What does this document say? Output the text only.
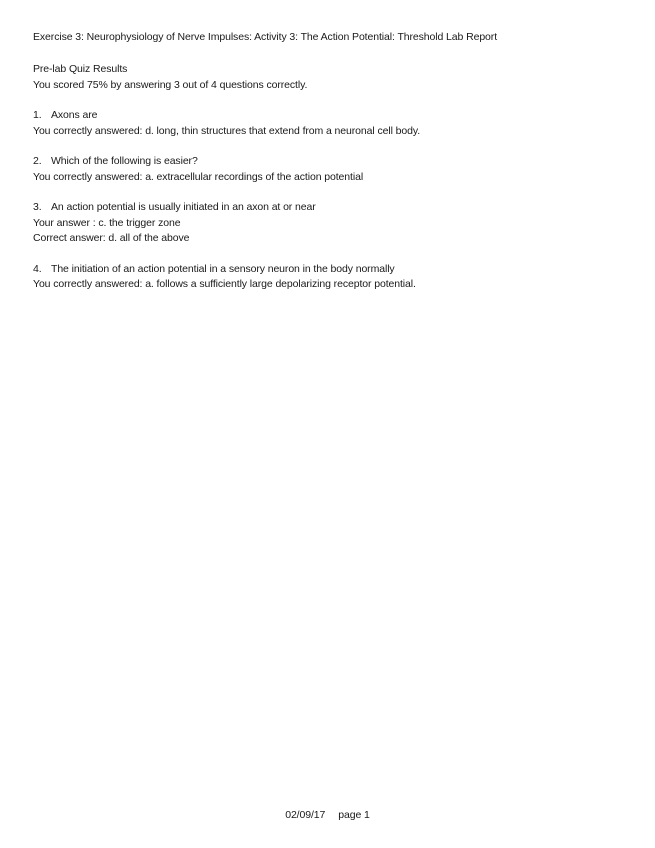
Exercise 3: Neurophysiology of Nerve Impulses: Activity 3: The Action Potential: Threshold Lab Report
Pre-lab Quiz Results
You scored 75% by answering 3 out of 4 questions correctly.
1. Axons are
You correctly answered: d. long, thin structures that extend from a neuronal cell body.
2. Which of the following is easier?
You correctly answered: a. extracellular recordings of the action potential
3. An action potential is usually initiated in an axon at or near
Your answer : c. the trigger zone
Correct answer: d. all of the above
4. The initiation of an action potential in a sensory neuron in the body normally
You correctly answered: a. follows a sufficiently large depolarizing receptor potential.
02/09/17 page 1
